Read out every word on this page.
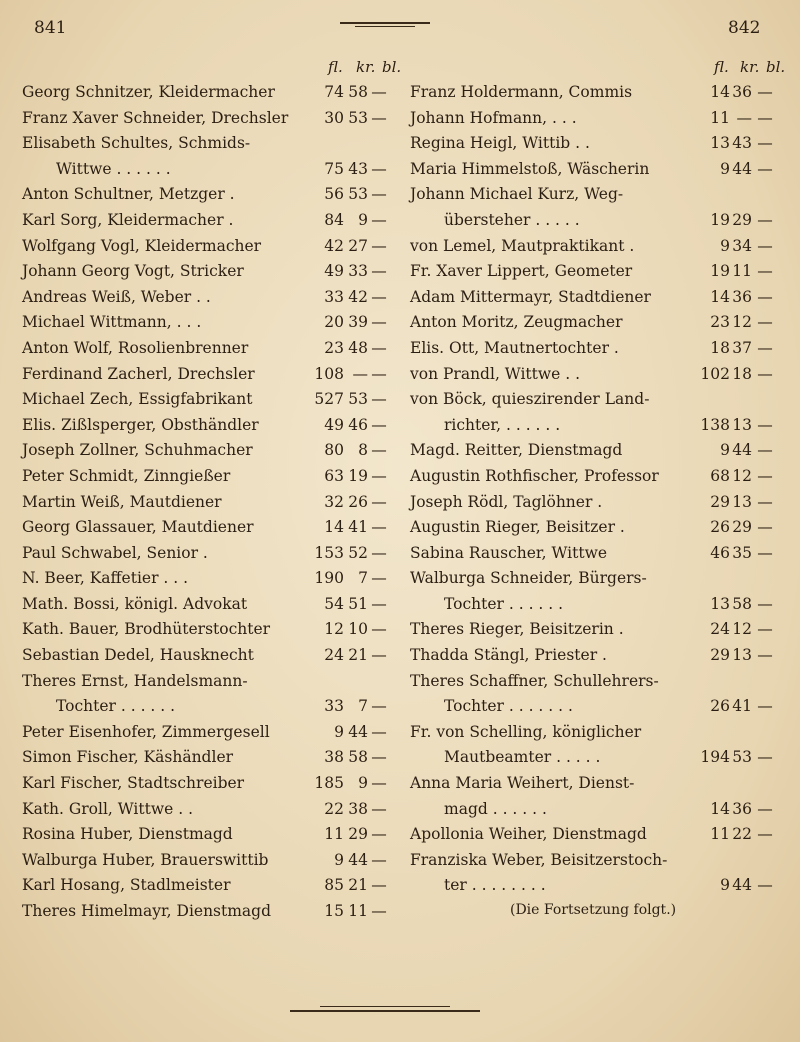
841	842
fl. kr. bl.
Georg Schnitzer, Kleidermacher	74 58 —
Franz Xaver Schneider, Drechsler	30 53 —
Elisabeth Schultes, Schmids-
Wittwe . . . . . .	75 43 —
Anton Schultner, Metzger .	56 53 —
Karl Sorg, Kleidermacher .	84 9 —
Wolfgang Vogl, Kleidermacher	42 27 —
Johann Georg Vogt, Stricker	49 33 —
Andreas Weiß, Weber . .	33 42 —
Michael Wittmann, . . .	20 39 —
Anton Wolf, Rosolienbrenner	23 48 —
Ferdinand Zacherl, Drechsler	108 — —
Michael Zech, Essigfabrikant	527 53 —
Elis. Zißlsperger, Obsthändler	49 46 —
Joseph Zollner, Schuhmacher	80 8 —
Peter Schmidt, Zinngießer	63 19 —
Martin Weiß, Mautdiener	32 26 —
Georg Glassauer, Mautdiener	14 41 —
Paul Schwabel, Senior .	153 52 —
N. Beer, Kaffetier . . .	190 7 —
Math. Bossi, königl. Advokat	54 51 —
Kath. Bauer, Brodhüterstochter	12 10 —
Sebastian Dedel, Hausknecht	24 21 —
Theres Ernst, Handelsmann-
Tochter . . . . . .	33 7 —
Peter Eisenhofer, Zimmergesell	9 44 —
Simon Fischer, Käshändler	38 58 —
Karl Fischer, Stadtschreiber	185 9 —
Kath. Groll, Wittwe . .	22 38 —
Rosina Huber, Dienstmagd	11 29 —
Walburga Huber, Brauerswittib	9 44 —
Karl Hosang, Stadlmeister	85 21 —
Theres Himelmayr, Dienstmagd	15 11 —
fl. kr. bl.
Franz Holdermann, Commis	14 36 —
Johann Hofmann, . . .	11 — —
Regina Heigl, Wittib . .	13 43 —
Maria Himmelstoß, Wäscherin	9 44 —
Johann Michael Kurz, Weg-
übersteher . . . . .	19 29 —
von Lemel, Mautpraktikant .	9 34 —
Fr. Xaver Lippert, Geometer	19 11 —
Adam Mittermayr, Stadtdiener	14 36 —
Anton Moritz, Zeugmacher	23 12 —
Elis. Ott, Mautnertochter .	18 37 —
von Prandl, Wittwe . .	102 18 —
von Böck, quieszirender Land-
richter, . . . . . .	138 13 —
Magd. Reitter, Dienstmagd	9 44 —
Augustin Rothfischer, Professor	68 12 —
Joseph Rödl, Taglöhner .	29 13 —
Augustin Rieger, Beisitzer .	26 29 —
Sabina Rauscher, Wittwe	46 35 —
Walburga Schneider, Bürgers-
Tochter . . . . . .	13 58 —
Theres Rieger, Beisitzerin .	24 12 —
Thadda Stängl, Priester .	29 13 —
Theres Schaffner, Schullehrers-
Tochter . . . . . . .	26 41 —
Fr. von Schelling, königlicher
Mautbeamter . . . . .	194 53 —
Anna Maria Weihert, Dienst-
magd . . . . . .	14 36 —
Apollonia Weiher, Dienstmagd	11 22 —
Franziska Weber, Beisitzerstoch-
ter . . . . . . . .	9 44 —
(Die Fortsetzung folgt.)
